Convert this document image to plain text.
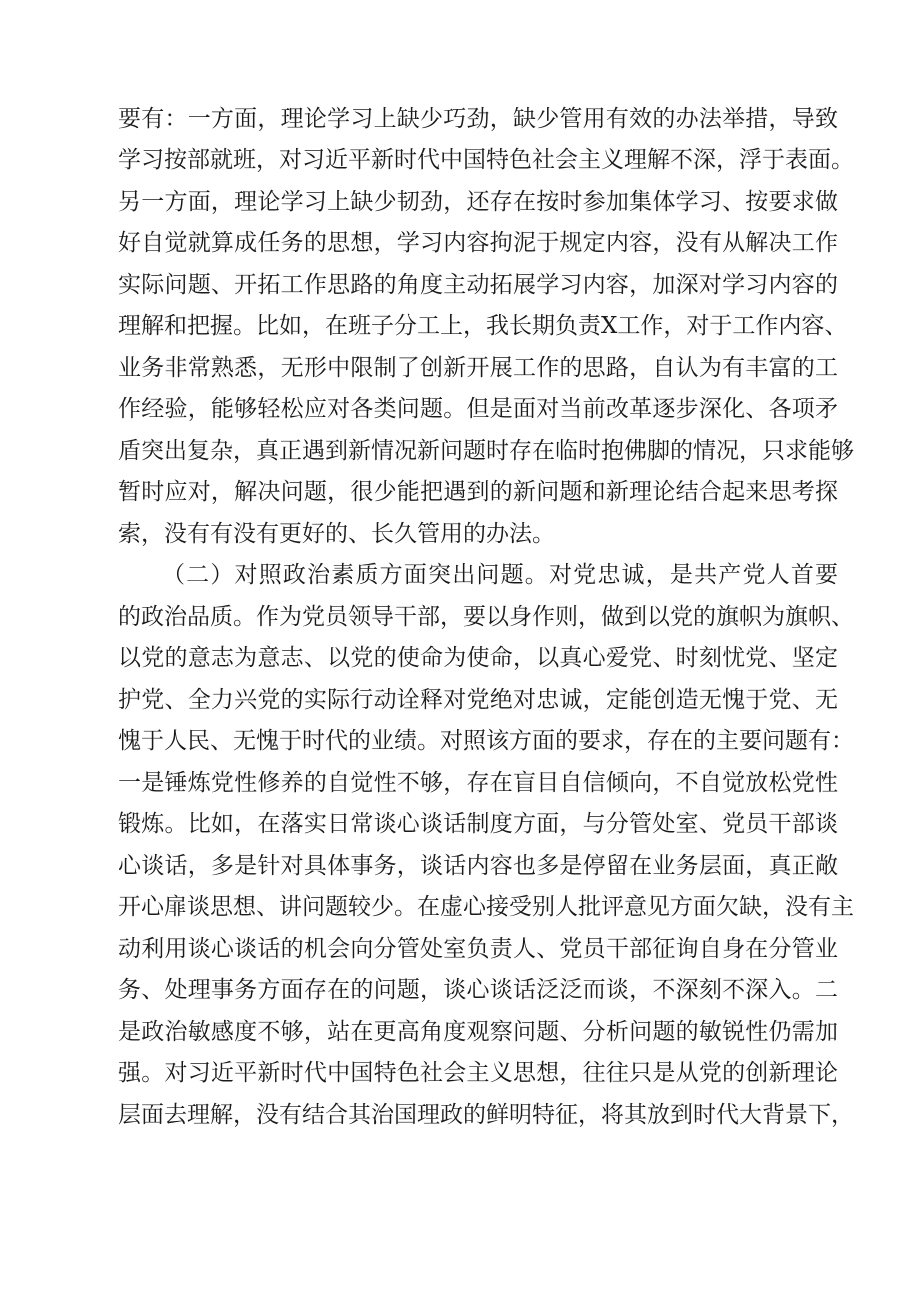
要有：一方面，理论学习上缺少巧劲，缺少管用有效的办法举措，导致
学习按部就班，对习近平新时代中国特色社会主义理解不深，浮于表面。
另一方面，理论学习上缺少韧劲，还存在按时参加集体学习、按要求做
好自觉就算成任务的思想，学习内容拘泥于规定内容，没有从解决工作
实际问题、开拓工作思路的角度主动拓展学习内容，加深对学习内容的
理解和把握。比如，在班子分工上，我长期负责X工作，对于工作内容、
业务非常熟悉，无形中限制了创新开展工作的思路，自认为有丰富的工
作经验，能够轻松应对各类问题。但是面对当前改革逐步深化、各项矛
盾突出复杂，真正遇到新情况新问题时存在临时抱佛脚的情况，只求能够
暂时应对，解决问题，很少能把遇到的新问题和新理论结合起来思考探
索，没有有没有更好的、长久管用的办法。
（二）对照政治素质方面突出问题。对党忠诚，是共产党人首要
的政治品质。作为党员领导干部，要以身作则，做到以党的旗帜为旗帜、
以党的意志为意志、以党的使命为使命，以真心爱党、时刻忧党、坚定
护党、全力兴党的实际行动诠释对党绝对忠诚，定能创造无愧于党、无
愧于人民、无愧于时代的业绩。对照该方面的要求，存在的主要问题有：
一是锤炼党性修养的自觉性不够，存在盲目自信倾向，不自觉放松党性
锻炼。比如，在落实日常谈心谈话制度方面，与分管处室、党员干部谈
心谈话，多是针对具体事务，谈话内容也多是停留在业务层面，真正敞
开心扉谈思想、讲问题较少。在虚心接受别人批评意见方面欠缺，没有主
动利用谈心谈话的机会向分管处室负责人、党员干部征询自身在分管业
务、处理事务方面存在的问题，谈心谈话泛泛而谈，不深刻不深入。二
是政治敏感度不够，站在更高角度观察问题、分析问题的敏锐性仍需加
强。对习近平新时代中国特色社会主义思想，往往只是从党的创新理论
层面去理解，没有结合其治国理政的鲜明特征，将其放到时代大背景下，
